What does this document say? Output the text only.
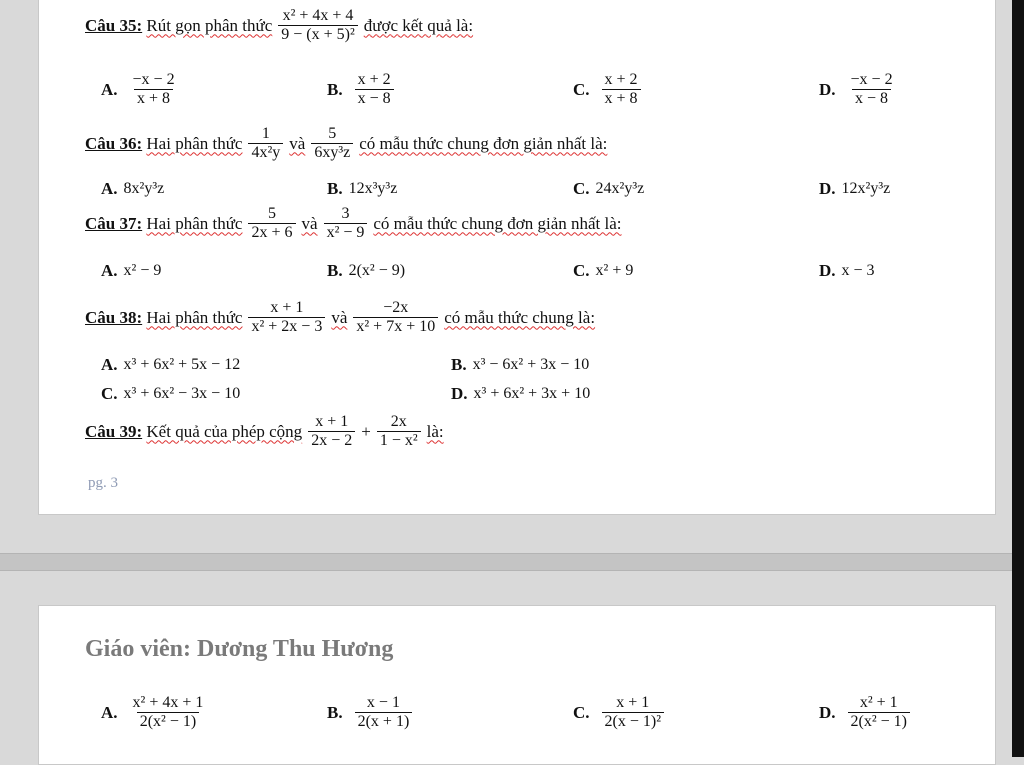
Câu 35:
Rút gọn phân thức $\frac{\text{x² + 4x + 4}}{\text{9 − (x + 5)²}}$ được kết quả là:
A. $\frac{-x - 2}{x + 8}$	B. $\frac{x + 2}{x - 8}$	C. $\frac{x + 2}{x + 8}$	D. $\frac{-x - 2}{x - 8}$
Câu 36:
Hai phân thức $\frac{1}{\text{4x²y}}$ và $\frac{5}{\text{6xy³z}}$ có mẫu thức chung đơn giản nhất là:
A. 8x²y³z	B. 12x³y³z	C. 24x²y³z	D. 12x²y³z
Câu 37:
Hai phân thức $\frac{5}{2x + 6}$ và $\frac{3}{\text{x² − 9}}$ có mẫu thức chung đơn giản nhất là:
A. x² − 9	B. 2(x² − 9)	C. x² + 9	D. x − 3
Câu 38:
Hai phân thức $\frac{x + 1}{\text{x² + 2x − 3}}$ và $\frac{-2x}{\text{x² + 7x + 10}}$ có mẫu thức chung là:
A. x³ + 6x² + 5x − 12	B. x³ − 6x² + 3x − 10
C. x³ + 6x² − 3x − 10	D. x³ + 6x² + 3x + 10
Câu 39:
Kết quả của phép cộng $\frac{x + 1}{2x - 2} + \frac{2x}{\text{1 − x²}}$ là:
pg. 3
Giáo viên: Dương Thu Hương
A. $\frac{\text{x² + 4x + 1}}{\text{2(x² − 1)}}$	B. $\frac{x - 1}{2(x + 1)}$	C. $\frac{x + 1}{\text{2(x − 1)²}}$	D. $\frac{\text{x² + 1}}{\text{2(x² − 1)}}$
